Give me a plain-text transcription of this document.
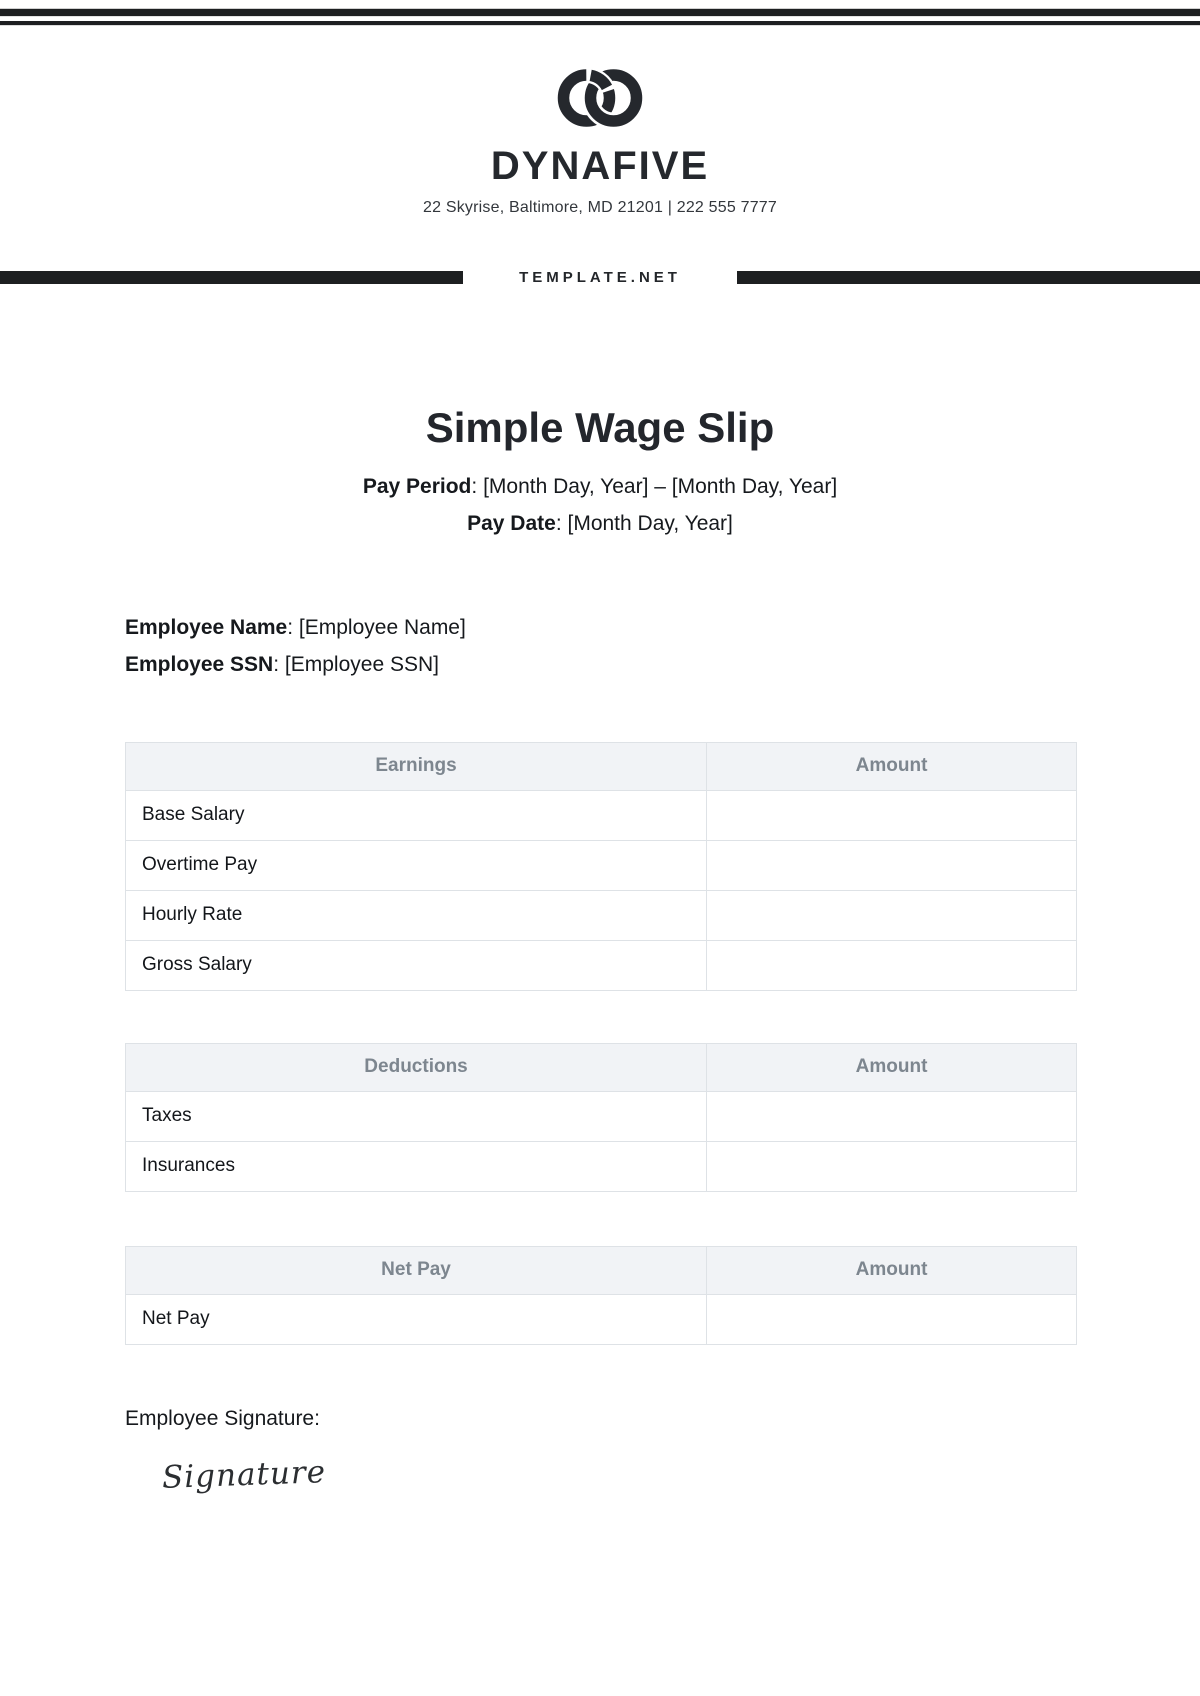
DYNAFIVE
22 Skyrise, Baltimore, MD 21201 | 222 555 7777
TEMPLATE.NET
Simple Wage Slip
Pay Period: [Month Day, Year] – [Month Day, Year]
Pay Date: [Month Day, Year]
Employee Name: [Employee Name]
Employee SSN: [Employee SSN]
Earnings	Amount
Base Salary	
Overtime Pay	
Hourly Rate	
Gross Salary	
Deductions	Amount
Taxes	
Insurances	
Net Pay	Amount
Net Pay	
Employee Signature:
Signature
